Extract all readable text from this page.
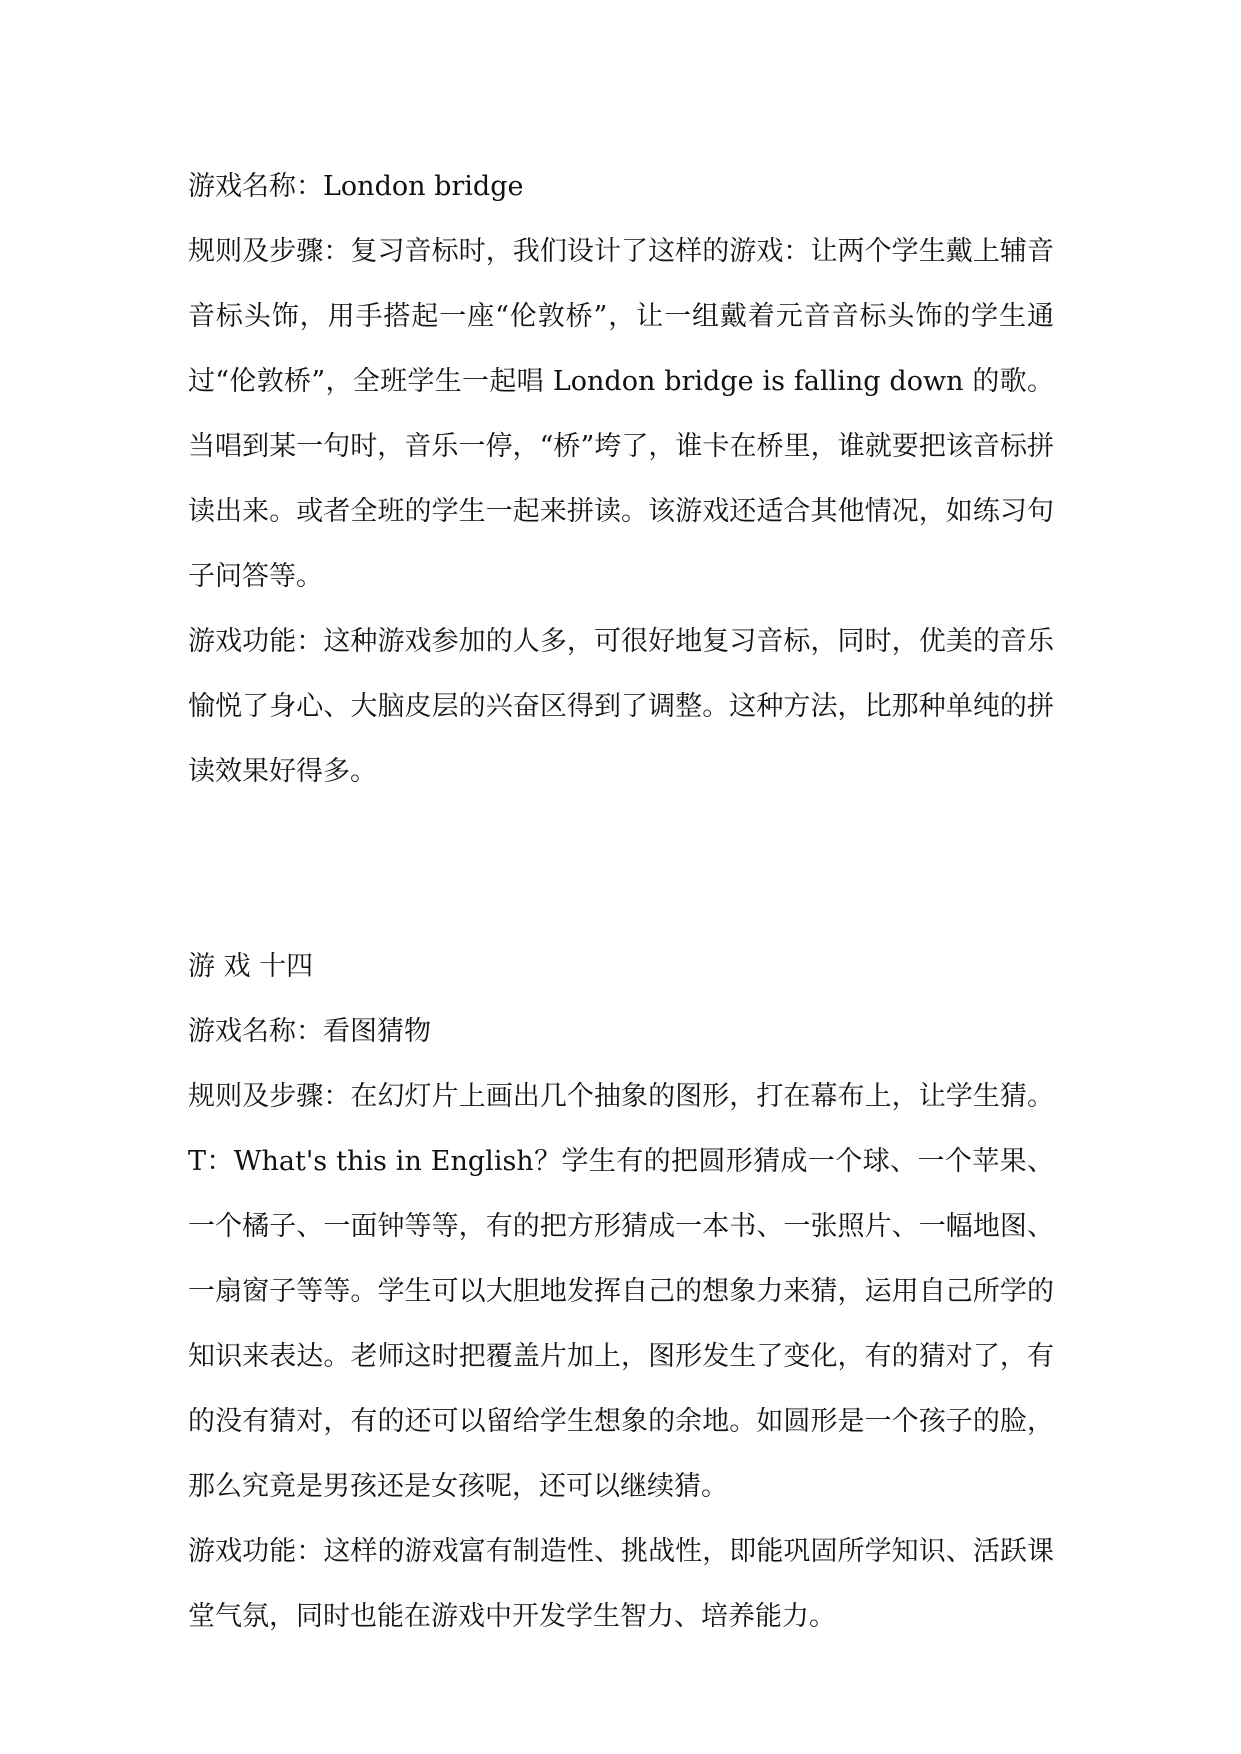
游戏名称：London bridge

规则及步骤：复习音标时，我们设计了这样的游戏：让两个学生戴上辅音音标头饰，用手搭起一座“伦敦桥”，让一组戴着元音音标头饰的学生通过“伦敦桥”，全班学生一起唱 London bridge is falling down 的歌。当唱到某一句时，音乐一停，“桥”垮了，谁卡在桥里，谁就要把该音标拼读出来。或者全班的学生一起来拼读。该游戏还适合其他情况，如练习句子问答等。

游戏功能：这种游戏参加的人多，可很好地复习音标，同时，优美的音乐愉悦了身心、大脑皮层的兴奋区得到了调整。这种方法，比那种单纯的拼读效果好得多。

游 戏 十四

游戏名称：看图猜物

规则及步骤：在幻灯片上画出几个抽象的图形，打在幕布上，让学生猜。T：What's this in English？学生有的把圆形猜成一个球、一个苹果、一个橘子、一面钟等等，有的把方形猜成一本书、一张照片、一幅地图、一扇窗子等等。学生可以大胆地发挥自己的想象力来猜，运用自己所学的知识来表达。老师这时把覆盖片加上，图形发生了变化，有的猜对了，有的没有猜对，有的还可以留给学生想象的余地。如圆形是一个孩子的脸，那么究竟是男孩还是女孩呢，还可以继续猜。

游戏功能：这样的游戏富有制造性、挑战性，即能巩固所学知识、活跃课堂气氛，同时也能在游戏中开发学生智力、培养能力。
